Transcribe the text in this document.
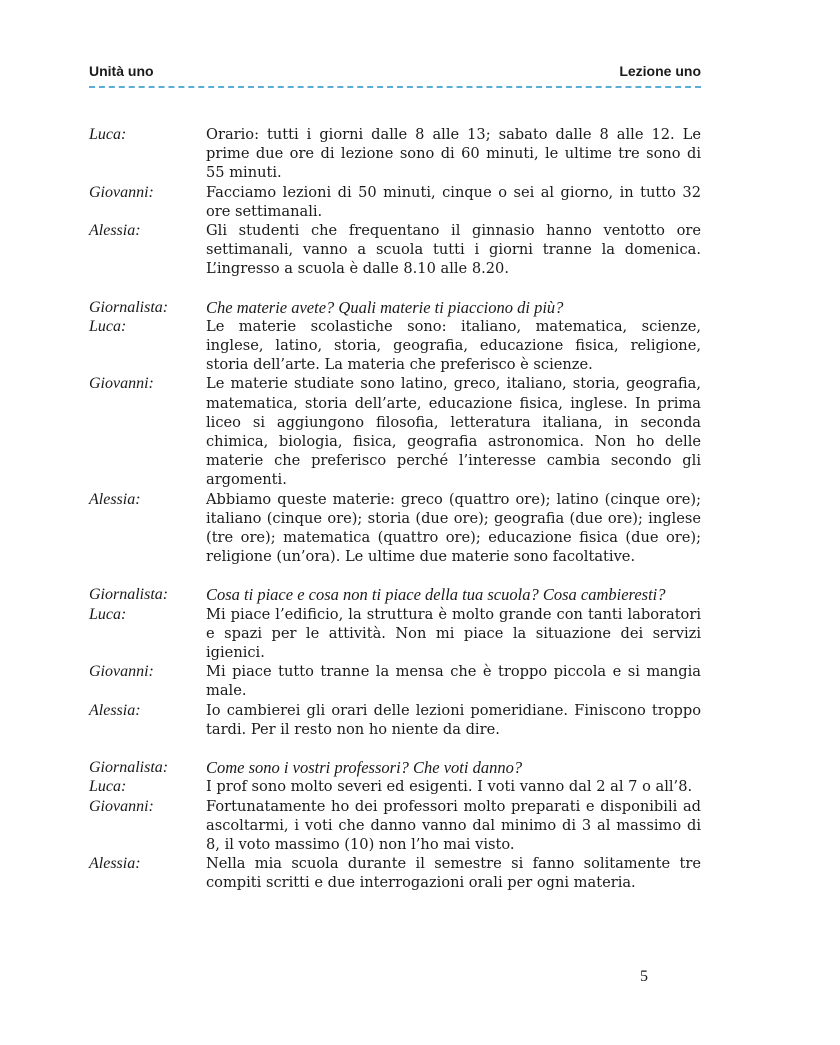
Unità uno	Lezione uno
Luca:	Orario: tutti i giorni dalle 8 alle 13; sabato dalle 8 alle 12. Le prime due ore di lezione sono di 60 minuti, le ultime tre sono di 55 minuti.
Giovanni:	Facciamo lezioni di 50 minuti, cinque o sei al giorno, in tutto 32 ore settimanali.
Alessia:	Gli studenti che frequentano il ginnasio hanno ventotto ore settimanali, vanno a scuola tutti i giorni tranne la domenica. L’ingresso a scuola è dalle 8.10 alle 8.20.
Giornalista:	Che materie avete? Quali materie ti piacciono di più?
Luca:	Le materie scolastiche sono: italiano, matematica, scienze, inglese, latino, storia, geografia, educazione fisica, religione, storia dell’arte. La materia che preferisco è scienze.
Giovanni:	Le materie studiate sono latino, greco, italiano, storia, geografia, matematica, storia dell’arte, educazione fisica, inglese. In prima liceo si aggiungono filosofia, letteratura italiana, in seconda chimica, biologia, fisica, geografia astronomica. Non ho delle materie che preferisco perché l’interesse cambia secondo gli argomenti.
Alessia:	Abbiamo queste materie: greco (quattro ore); latino (cinque ore); italiano (cinque ore); storia (due ore); geografia (due ore); inglese (tre ore); matematica (quattro ore); educazione fisica (due ore); religione (un’ora). Le ultime due materie sono facoltative.
Giornalista:	Cosa ti piace e cosa non ti piace della tua scuola? Cosa cambieresti?
Luca:	Mi piace l’edificio, la struttura è molto grande con tanti laboratori e spazi per le attività. Non mi piace la situazione dei servizi igienici.
Giovanni:	Mi piace tutto tranne la mensa che è troppo piccola e si mangia male.
Alessia:	Io cambierei gli orari delle lezioni pomeridiane. Finiscono troppo tardi. Per il resto non ho niente da dire.
Giornalista:	Come sono i vostri professori? Che voti danno?
Luca:	I prof sono molto severi ed esigenti. I voti vanno dal 2 al 7 o all’8.
Giovanni:	Fortunatamente ho dei professori molto preparati e disponibili ad ascoltarmi, i voti che danno vanno dal minimo di 3 al massimo di 8, il voto massimo (10) non l’ho mai visto.
Alessia:	Nella mia scuola durante il semestre si fanno solitamente tre compiti scritti e due interrogazioni orali per ogni materia.
5
